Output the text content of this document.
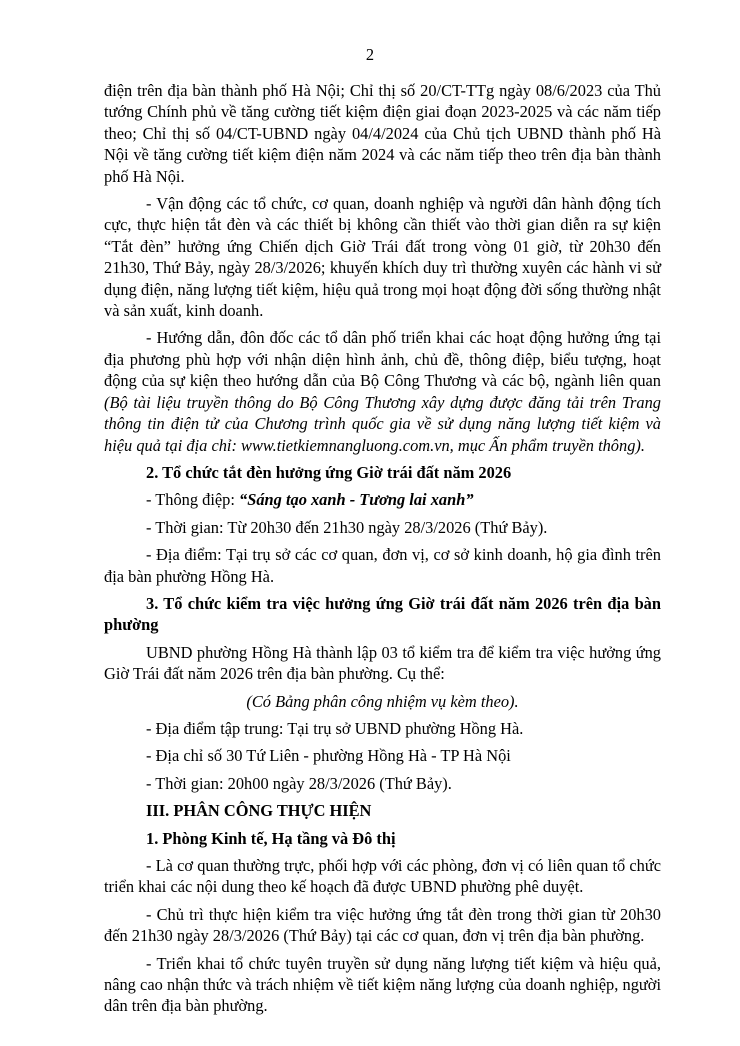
2

điện trên địa bàn thành phố Hà Nội; Chỉ thị số 20/CT-TTg ngày 08/6/2023 của Thủ tướng Chính phủ về tăng cường tiết kiệm điện giai đoạn 2023-2025 và các năm tiếp theo; Chỉ thị số 04/CT-UBND ngày 04/4/2024 của Chủ tịch UBND thành phố Hà Nội về tăng cường tiết kiệm điện năm 2024 và các năm tiếp theo trên địa bàn thành phố Hà Nội.

- Vận động các tổ chức, cơ quan, doanh nghiệp và người dân hành động tích cực, thực hiện tắt đèn và các thiết bị không cần thiết vào thời gian diễn ra sự kiện “Tắt đèn” hưởng ứng Chiến dịch Giờ Trái đất trong vòng 01 giờ, từ 20h30 đến 21h30, Thứ Bảy, ngày 28/3/2026; khuyến khích duy trì thường xuyên các hành vi sử dụng điện, năng lượng tiết kiệm, hiệu quả trong mọi hoạt động đời sống thường nhật và sản xuất, kinh doanh.

- Hướng dẫn, đôn đốc các tổ dân phố triển khai các hoạt động hưởng ứng tại địa phương phù hợp với nhận diện hình ảnh, chủ đề, thông điệp, biểu tượng, hoạt động của sự kiện theo hướng dẫn của Bộ Công Thương và các bộ, ngành liên quan (Bộ tài liệu truyền thông do Bộ Công Thương xây dựng được đăng tải trên Trang thông tin điện tử của Chương trình quốc gia về sử dụng năng lượng tiết kiệm và hiệu quả tại địa chỉ: www.tietkiemnangluong.com.vn, mục Ấn phẩm truyền thông).

2. Tổ chức tắt đèn hưởng ứng Giờ trái đất năm 2026

- Thông điệp: “Sáng tạo xanh - Tương lai xanh”

- Thời gian: Từ 20h30 đến 21h30 ngày 28/3/2026 (Thứ Bảy).

- Địa điểm: Tại trụ sở các cơ quan, đơn vị, cơ sở kinh doanh, hộ gia đình trên địa bàn phường Hồng Hà.

3. Tổ chức kiểm tra việc hưởng ứng Giờ trái đất năm 2026 trên địa bàn phường

UBND phường Hồng Hà thành lập 03 tổ kiểm tra để kiểm tra việc hưởng ứng Giờ Trái đất năm 2026 trên địa bàn phường. Cụ thể:

(Có Bảng phân công nhiệm vụ kèm theo).

- Địa điểm tập trung: Tại trụ sở UBND phường Hồng Hà.

- Địa chỉ số 30 Tứ Liên - phường Hồng Hà - TP Hà Nội

- Thời gian: 20h00 ngày 28/3/2026 (Thứ Bảy).

III. PHÂN CÔNG THỰC HIỆN

1. Phòng Kinh tế, Hạ tầng và Đô thị

- Là cơ quan thường trực, phối hợp với các phòng, đơn vị có liên quan tổ chức triển khai các nội dung theo kế hoạch đã được UBND phường phê duyệt.

- Chủ trì thực hiện kiểm tra việc hưởng ứng tắt đèn trong thời gian từ 20h30 đến 21h30 ngày 28/3/2026 (Thứ Bảy) tại các cơ quan, đơn vị trên địa bàn phường.

- Triển khai tổ chức tuyên truyền sử dụng năng lượng tiết kiệm và hiệu quả, nâng cao nhận thức và trách nhiệm về tiết kiệm năng lượng của doanh nghiệp, người dân trên địa bàn phường.
